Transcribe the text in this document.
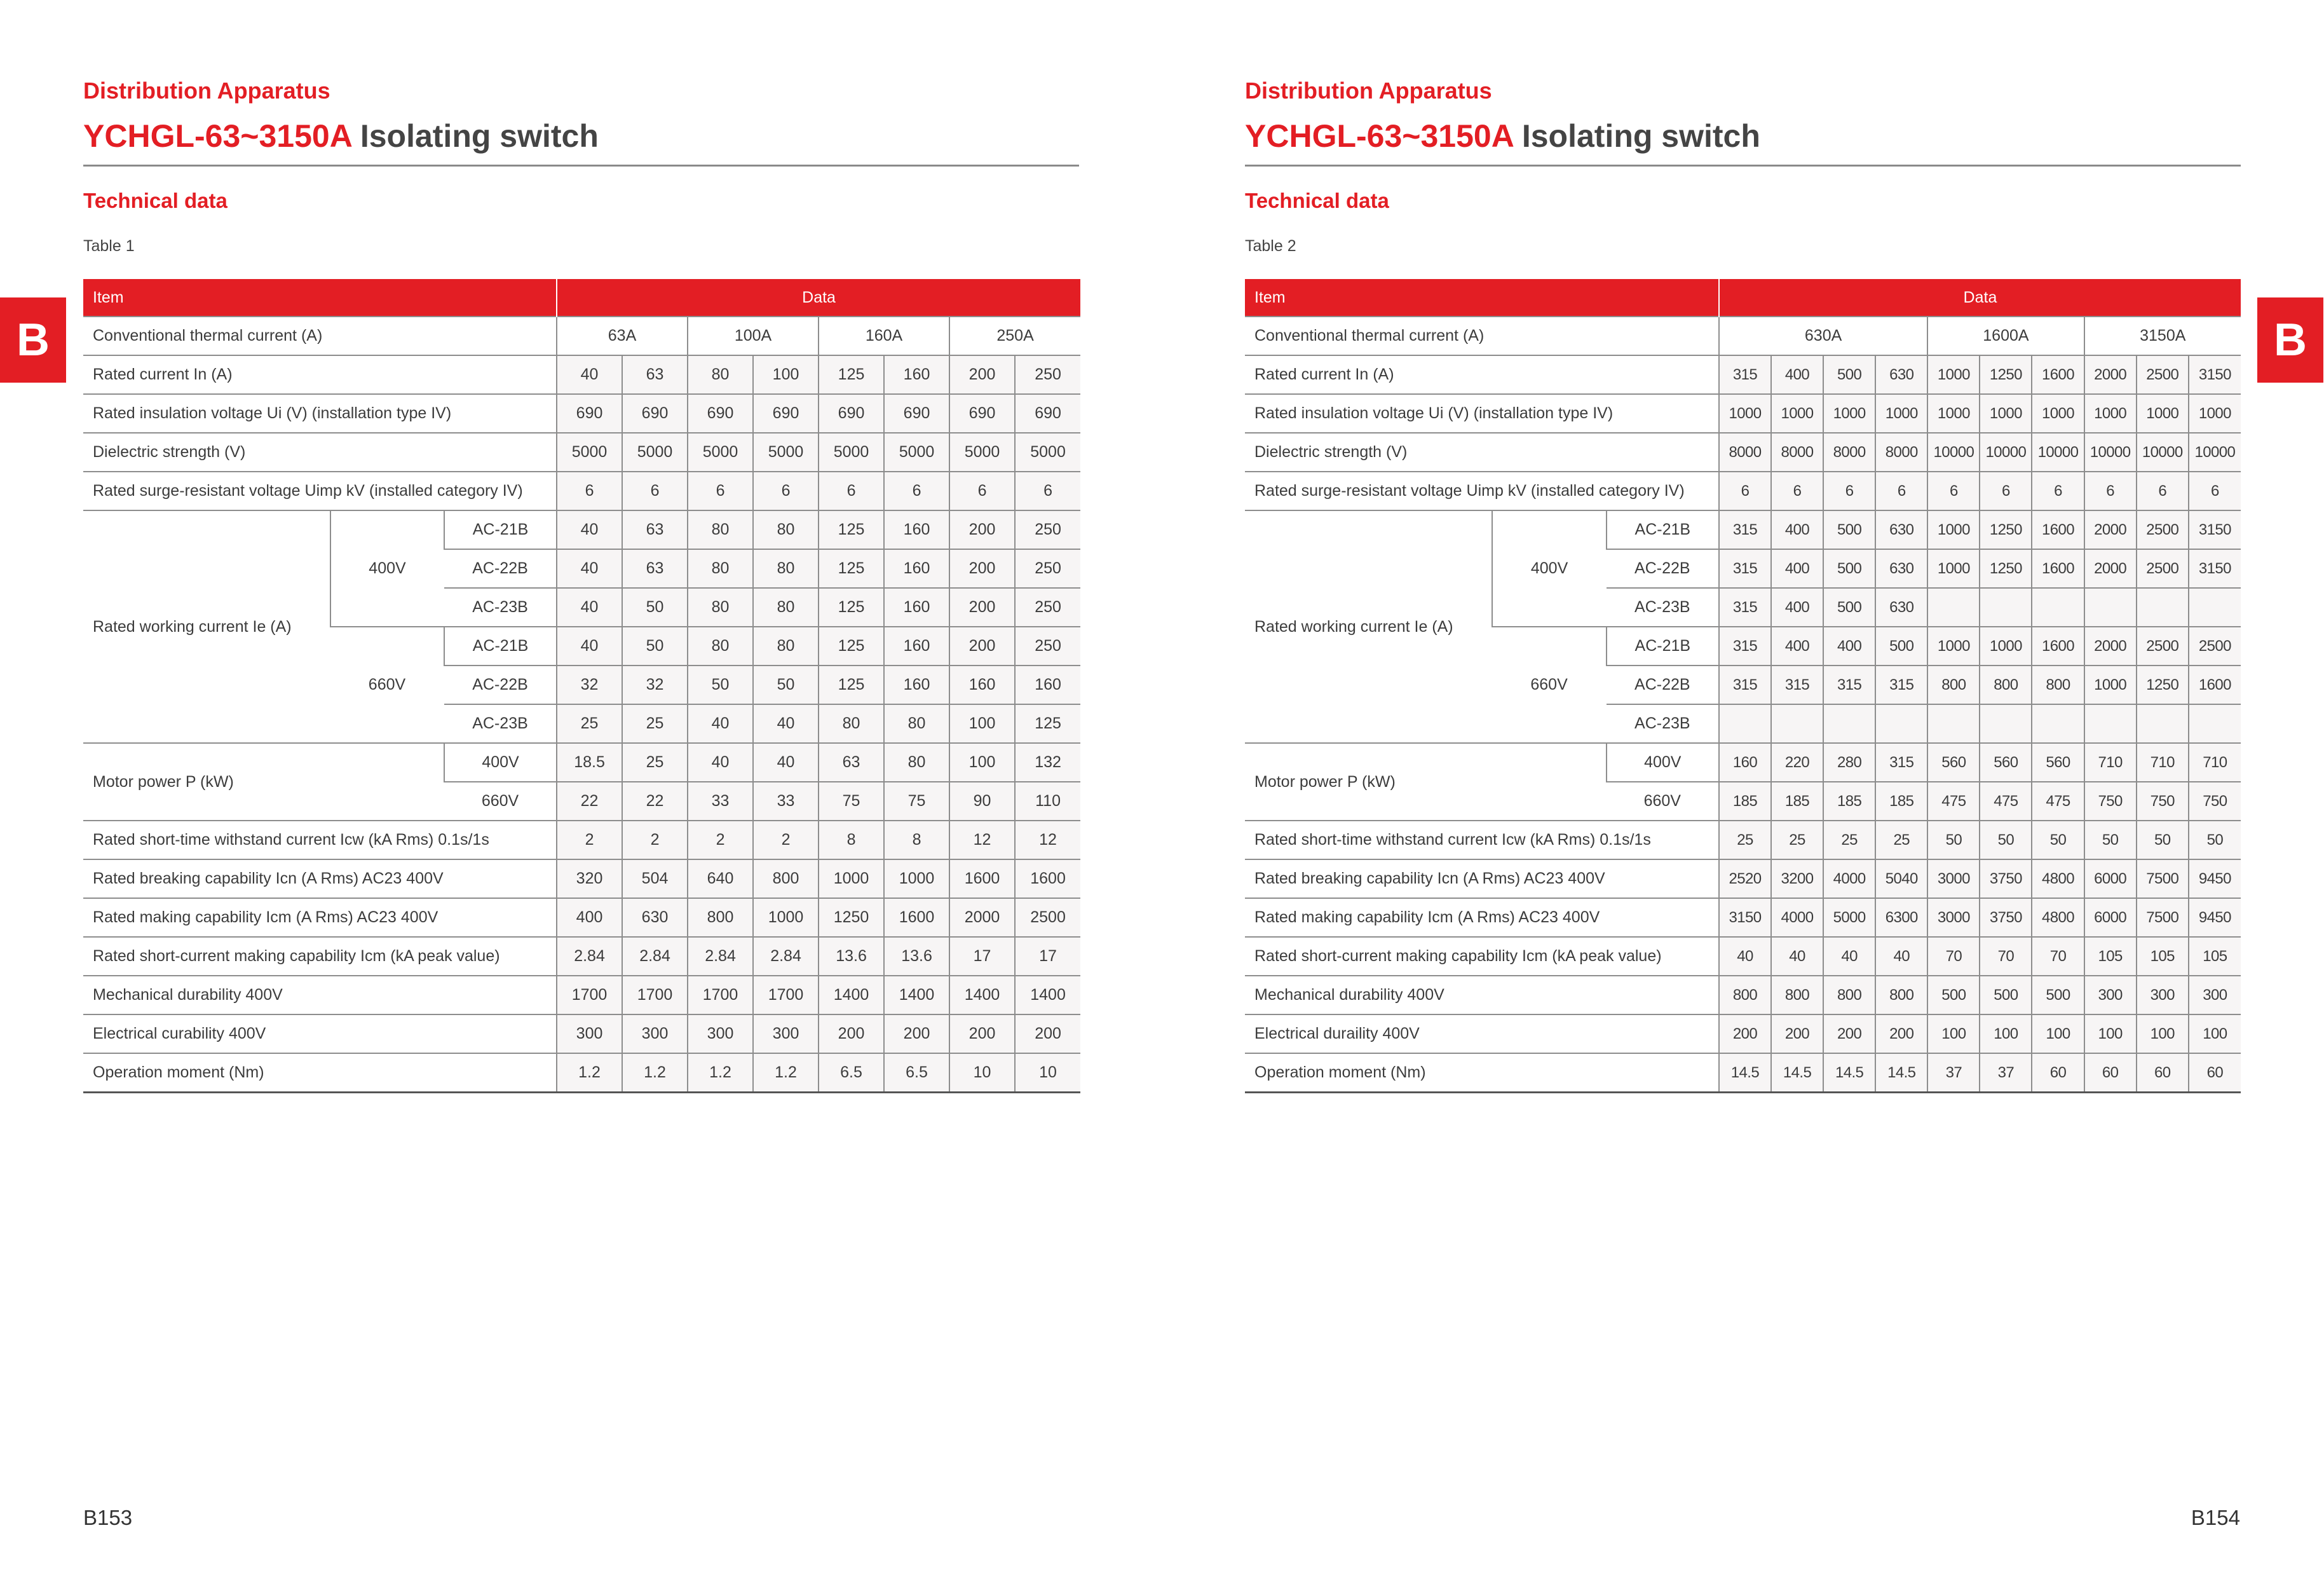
B
Distribution Apparatus
YCHGL-63~3150A Isolating switch
Technical data
Table 1
Item			Data							
Conventional thermal current (A)			63A		100A		160A		250A	
Rated current In (A)			40	63	80	100	125	160	200	250
Rated insulation voltage Ui (V) (installation type IV)			690	690	690	690	690	690	690	690
Dielectric strength (V)			5000	5000	5000	5000	5000	5000	5000	5000
Rated surge-resistant voltage Uimp kV (installed category IV)			6	6	6	6	6	6	6	6
Rated working current Ie (A)	400V	AC-21B	40	63	80	80	125	160	200	250
		AC-22B	40	63	80	80	125	160	200	250
		AC-23B	40	50	80	80	125	160	200	250
	660V	AC-21B	40	50	80	80	125	160	200	250
		AC-22B	32	32	50	50	125	160	160	160
		AC-23B	25	25	40	40	80	80	100	125
Motor power P (kW)		400V	18.5	25	40	40	63	80	100	132
		660V	22	22	33	33	75	75	90	110
Rated short-time withstand current Icw (kA Rms) 0.1s/1s			2	2	2	2	8	8	12	12
Rated breaking capability Icn (A Rms) AC23 400V			320	504	640	800	1000	1000	1600	1600
Rated making capability Icm (A Rms) AC23 400V			400	630	800	1000	1250	1600	2000	2500
Rated short-current making capability Icm (kA peak value)			2.84	2.84	2.84	2.84	13.6	13.6	17	17
Mechanical durability 400V			1700	1700	1700	1700	1400	1400	1400	1400
Electrical curability 400V			300	300	300	300	200	200	200	200
Operation moment (Nm)			1.2	1.2	1.2	1.2	6.5	6.5	10	10
B153
B
Distribution Apparatus
YCHGL-63~3150A Isolating switch
Technical data
Table 2
Item			Data									
Conventional thermal current (A)			630A				1600A			3150A		
Rated current In (A)			315	400	500	630	1000	1250	1600	2000	2500	3150
Rated insulation voltage Ui (V) (installation type IV)			1000	1000	1000	1000	1000	1000	1000	1000	1000	1000
Dielectric strength (V)			8000	8000	8000	8000	10000	10000	10000	10000	10000	10000
Rated surge-resistant voltage Uimp kV (installed category IV)			6	6	6	6	6	6	6	6	6	6
Rated working current Ie (A)	400V	AC-21B	315	400	500	630	1000	1250	1600	2000	2500	3150
		AC-22B	315	400	500	630	1000	1250	1600	2000	2500	3150
		AC-23B	315	400	500	630						
	660V	AC-21B	315	400	400	500	1000	1000	1600	2000	2500	2500
		AC-22B	315	315	315	315	800	800	800	1000	1250	1600
		AC-23B										
Motor power P (kW)		400V	160	220	280	315	560	560	560	710	710	710
		660V	185	185	185	185	475	475	475	750	750	750
Rated short-time withstand current Icw (kA Rms) 0.1s/1s			25	25	25	25	50	50	50	50	50	50
Rated breaking capability Icn (A Rms) AC23 400V			2520	3200	4000	5040	3000	3750	4800	6000	7500	9450
Rated making capability Icm (A Rms) AC23 400V			3150	4000	5000	6300	3000	3750	4800	6000	7500	9450
Rated short-current making capability Icm (kA peak value)			40	40	40	40	70	70	70	105	105	105
Mechanical durability 400V			800	800	800	800	500	500	500	300	300	300
Electrical duraility 400V			200	200	200	200	100	100	100	100	100	100
Operation moment (Nm)			14.5	14.5	14.5	14.5	37	37	60	60	60	60
B154
